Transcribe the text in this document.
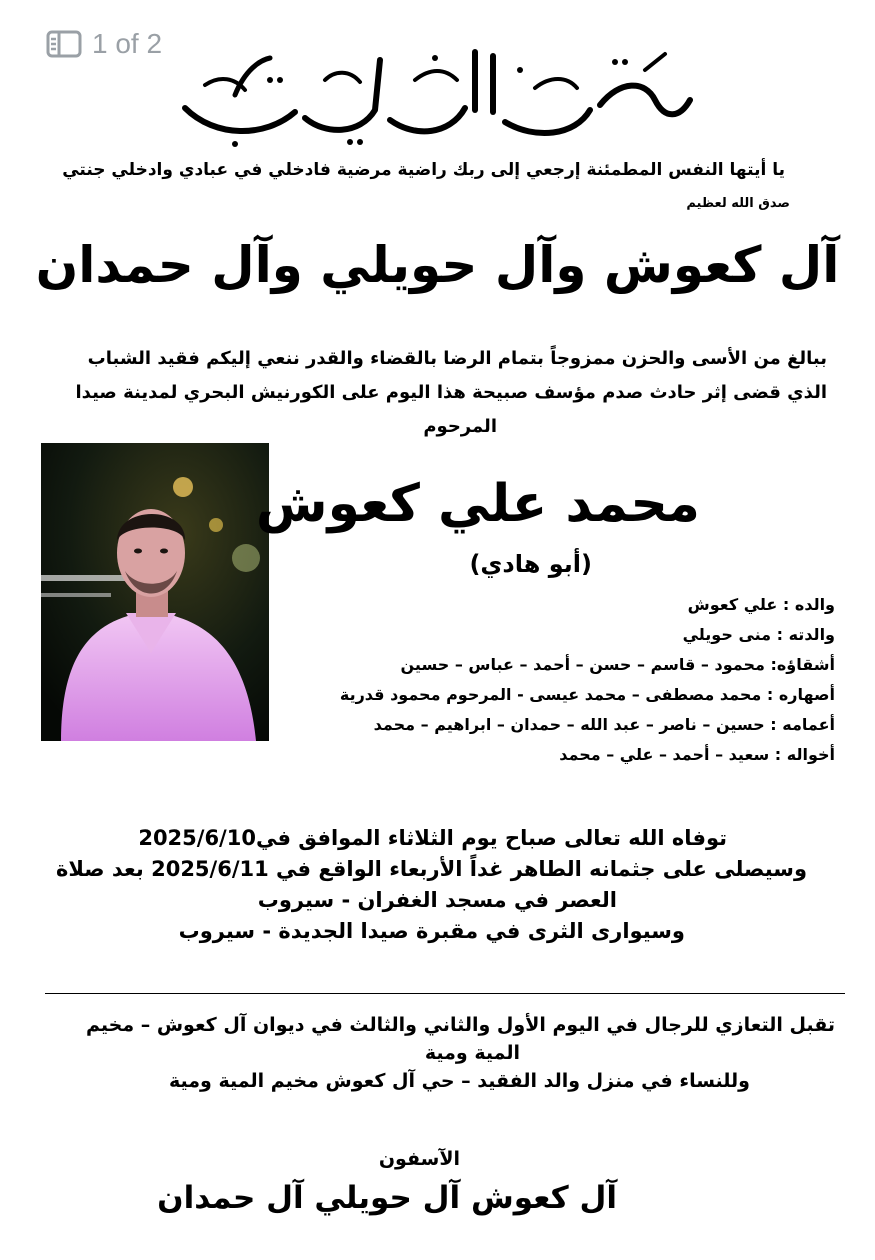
1 of 2
يا أيتها النفس المطمئنة إرجعي إلى ربك راضية مرضية فادخلي في عبادي وادخلي جنتي
صدق الله لعظيم
آل كعوش وآل حويلي وآل حمدان
ببالغ من الأسى والحزن ممزوجاً بتمام الرضا بالقضاء والقدر ننعي إليكم فقيد الشباب
الذي قضى إثر حادث صدم مؤسف صبيحة هذا اليوم على الكورنيش البحري لمدينة صيدا
المرحوم
محمد علي كعوش
(أبو هادي)
والده : علي كعوش
والدته : منى حويلي
أشقاؤه: محمود – قاسم – حسن – أحمد – عباس – حسين
أصهاره : محمد مصطفى – محمد عيسى - المرحوم محمود قدرية
أعمامه : حسين – ناصر – عبد الله – حمدان – ابراهيم – محمد
أخواله : سعيد – أحمد – علي – محمد
توفاه الله تعالى صباح يوم الثلاثاء الموافق في2025/6/10
وسيصلى على جثمانه الطاهر غداً الأربعاء الواقع في 2025/6/11 بعد صلاة
العصر في مسجد الغفران - سيروب
وسيوارى الثرى في مقبرة صيدا الجديدة - سيروب
تقبل التعازي للرجال في اليوم الأول والثاني والثالث في ديوان آل كعوش – مخيم
المية ومية
وللنساء في منزل والد الفقيد – حي آل كعوش مخيم المية ومية
الآسفون
آل كعوش آل حويلي آل حمدان
